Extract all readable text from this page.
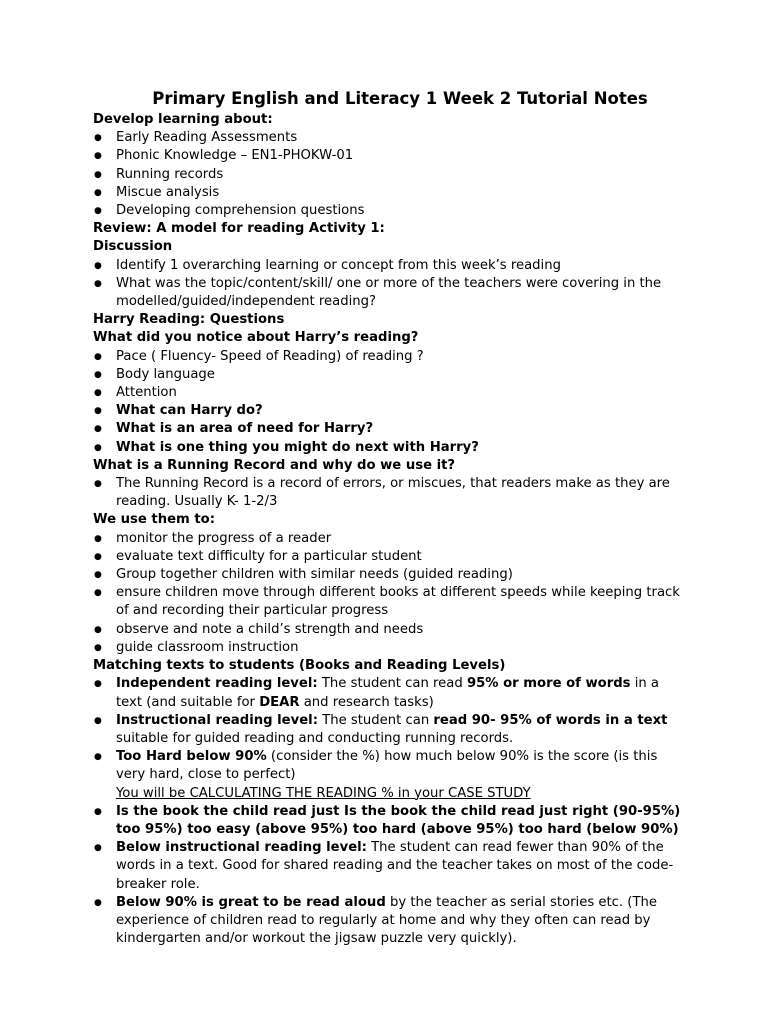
Primary English and Literacy 1 Week 2 Tutorial Notes
Develop learning about:
● Early Reading Assessments
● Phonic Knowledge – EN1-PHOKW-01
● Running records
● Miscue analysis
● Developing comprehension questions
Review: A model for reading Activity 1:
Discussion
● Identify 1 overarching learning or concept from this week’s reading
● What was the topic/content/skill/ one or more of the teachers were covering in the modelled/guided/independent reading?
Harry Reading: Questions
What did you notice about Harry’s reading?
● Pace ( Fluency- Speed of Reading) of reading ?
● Body language
● Attention
● What can Harry do?
● What is an area of need for Harry?
● What is one thing you might do next with Harry?
What is a Running Record and why do we use it?
● The Running Record is a record of errors, or miscues, that readers make as they are reading. Usually K- 1-2/3
We use them to:
● monitor the progress of a reader
● evaluate text difficulty for a particular student
● Group together children with similar needs (guided reading)
● ensure children move through different books at different speeds while keeping track of and recording their particular progress
● observe and note a child’s strength and needs
● guide classroom instruction
Matching texts to students (Books and Reading Levels)
● Independent reading level: The student can read 95% or more of words in a text (and suitable for DEAR and research tasks)
● Instructional reading level: The student can read 90- 95% of words in a text suitable for guided reading and conducting running records.
● Too Hard below 90% (consider the %) how much below 90% is the score (is this very hard, close to perfect)
You will be CALCULATING THE READING % in your CASE STUDY
● Is the book the child read just Is the book the child read just right (90-95%) too 95%) too easy (above 95%) too hard (above 95%) too hard (below 90%)
● Below instructional reading level: The student can read fewer than 90% of the words in a text. Good for shared reading and the teacher takes on most of the code-breaker role.
● Below 90% is great to be read aloud by the teacher as serial stories etc. (The experience of children read to regularly at home and why they often can read by kindergarten and/or workout the jigsaw puzzle very quickly).
